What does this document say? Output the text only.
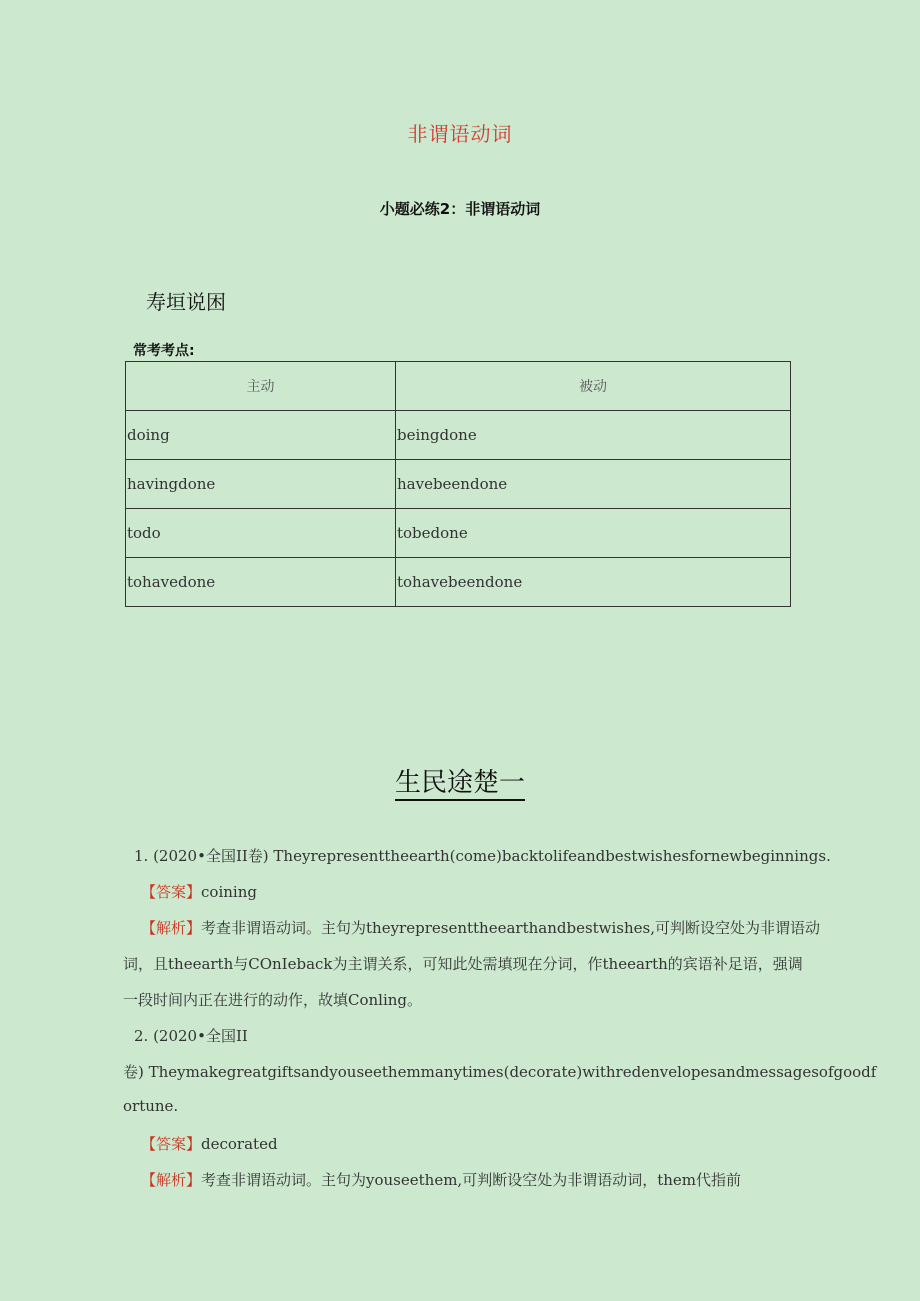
非谓语动词
小题必练2：非谓语动词
寿垣说困
常考考点:
主动	被动
doing	beingdone
havingdone	havebeendone
todo	tobedone
tohavedone	tohavebeendone
生民途楚一
1. (2020•全国II卷) Theyrepresenttheearth(come)backtolifeandbestwishesfornewbeginnings.
【答案】coining
【解析】考查非谓语动词。主句为theyrepresenttheearthandbestwishes,可判断设空处为非谓语动
词，且theearth与COnIeback为主谓关系，可知此处需填现在分词，作theearth的宾语补足语，强调
一段时间内正在进行的动作，故填Conling。
2. (2020•全国II
卷) Theymakegreatgiftsandyouseethemmanytimes(decorate)withredenvelopesandmessagesofgoodf
ortune.
【答案】decorated
【解析】考查非谓语动词。主句为youseethem,可判断设空处为非谓语动词，them代指前
